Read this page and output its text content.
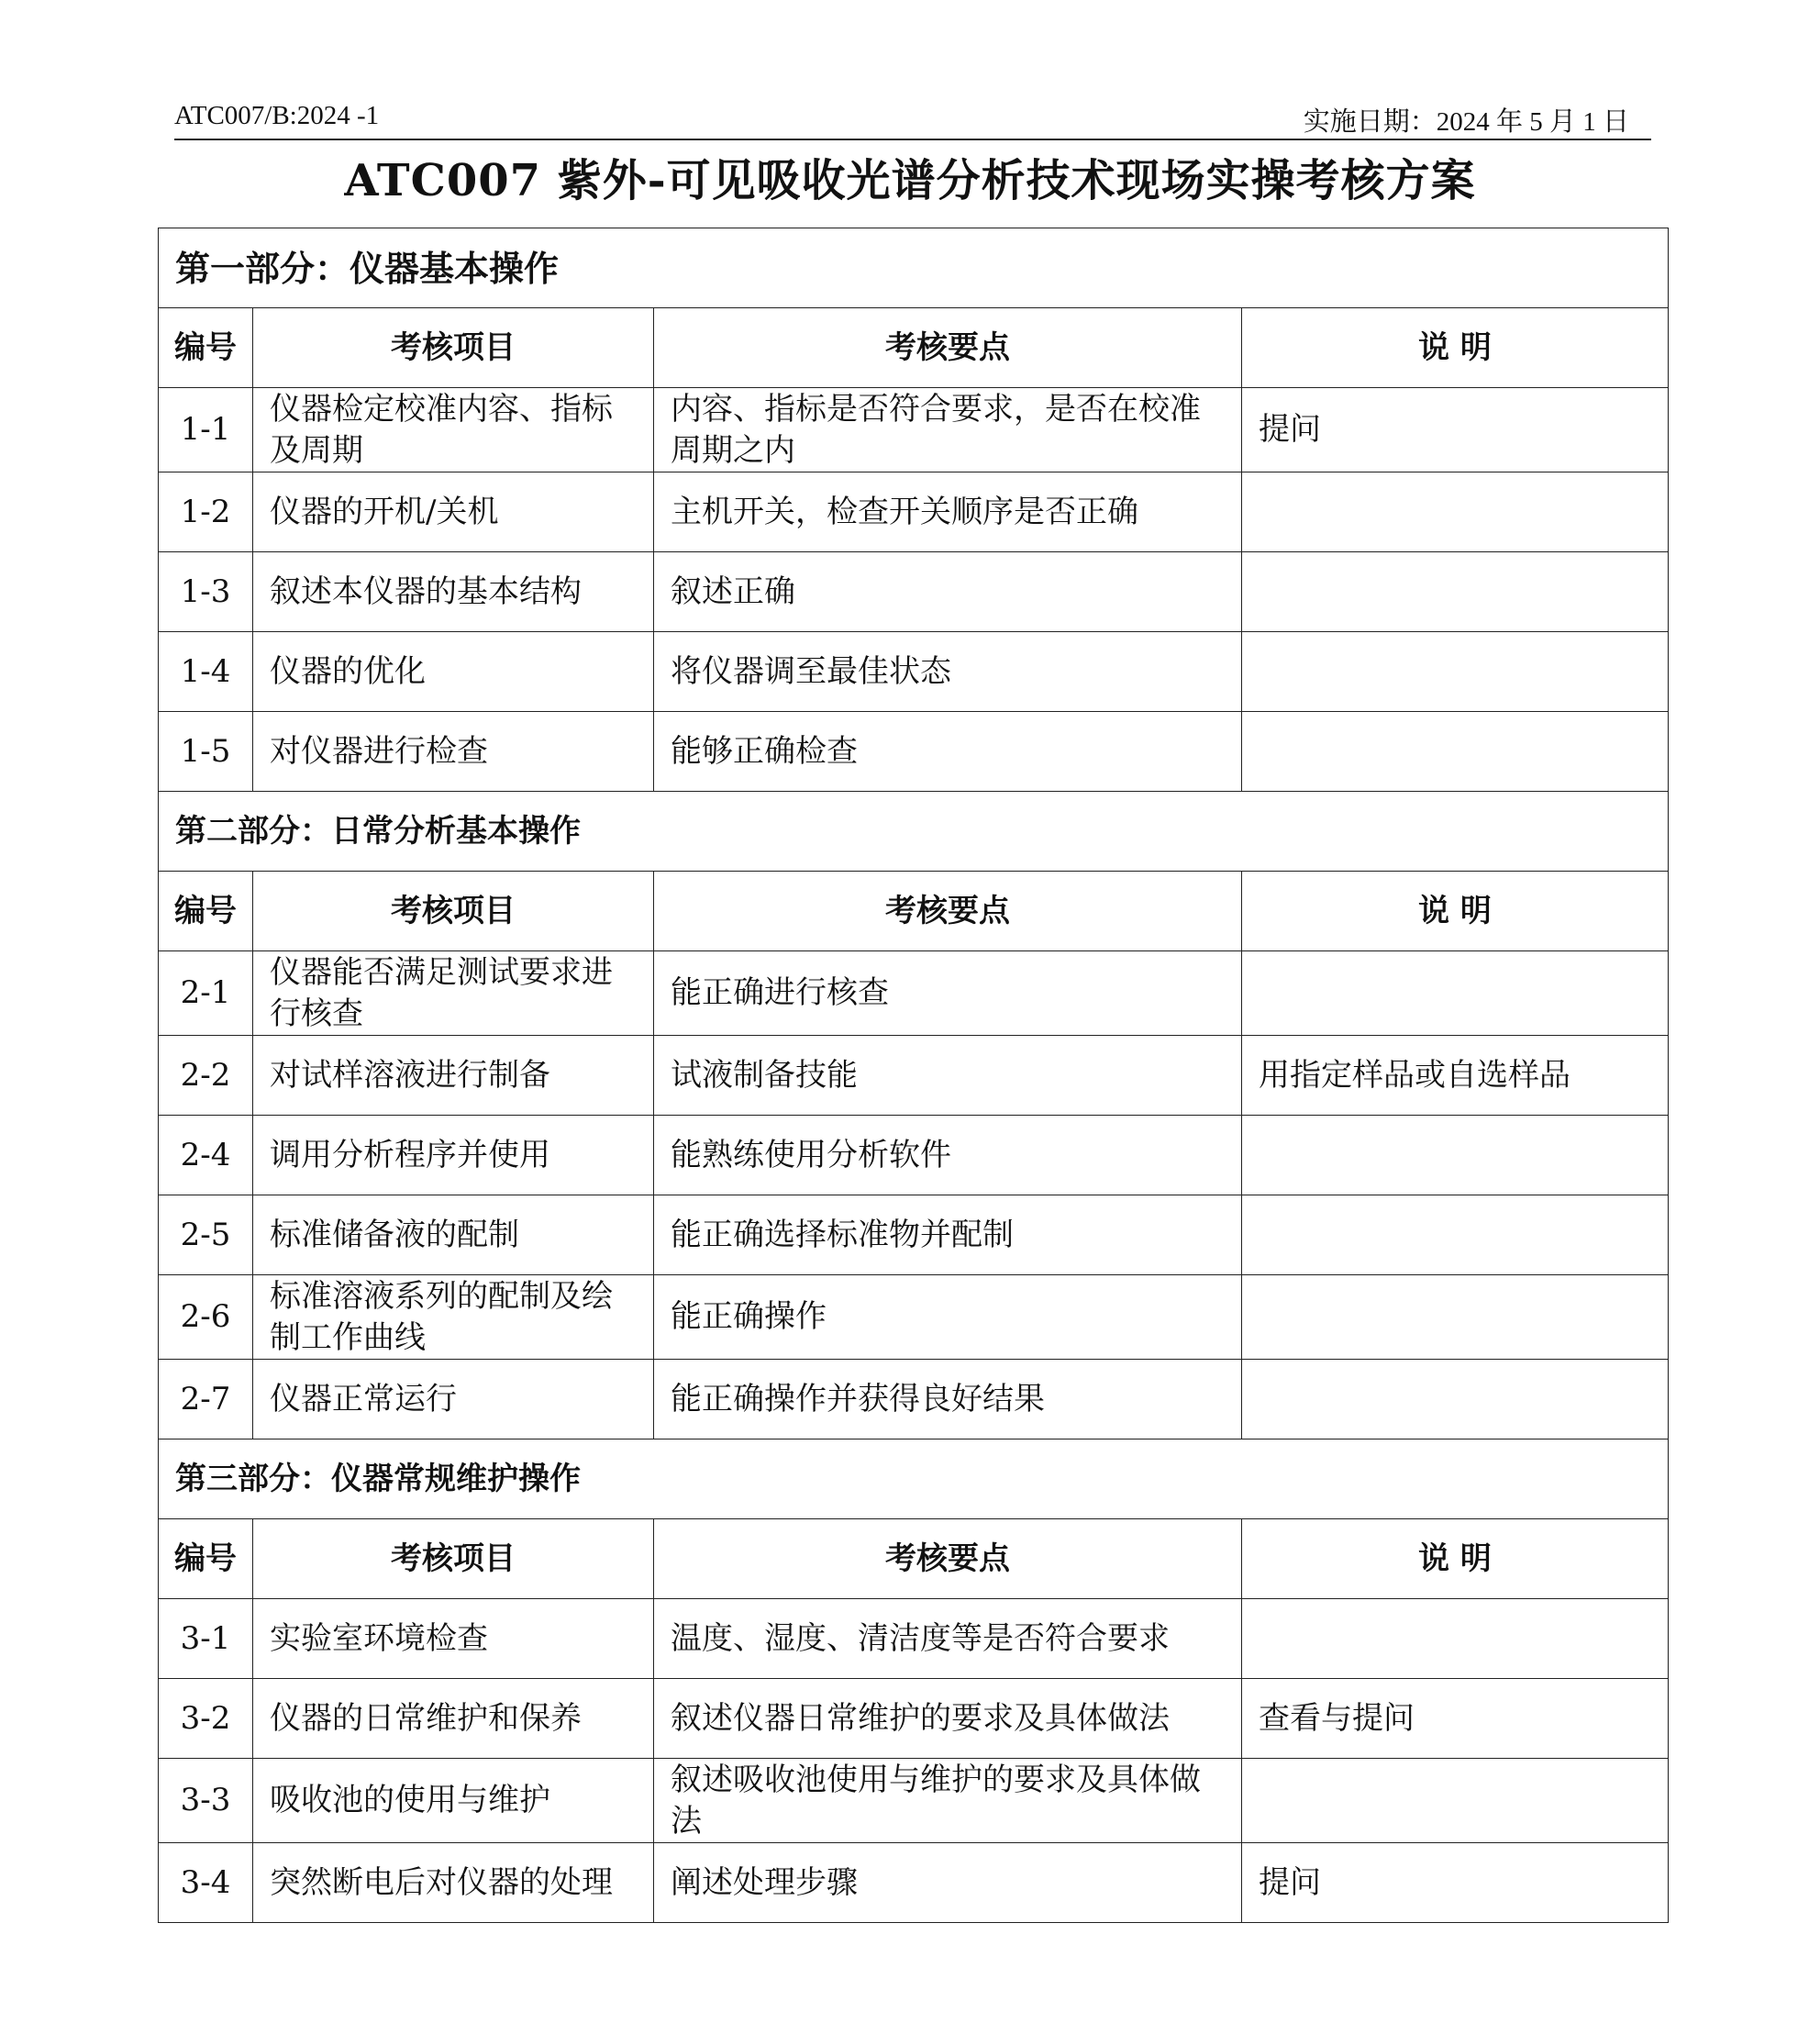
ATC007/B:2024 -1	实施日期：2024 年 5 月 1 日
ATC007 紫外-可见吸收光谱分析技术现场实操考核方案
第一部分：仪器基本操作			
编号	考核项目	考核要点	说 明
1-1	仪器检定校准内容、指标及周期	内容、指标是否符合要求，是否在校准周期之内	提问
1-2	仪器的开机/关机	主机开关，检查开关顺序是否正确	
1-3	叙述本仪器的基本结构	叙述正确	
1-4	仪器的优化	将仪器调至最佳状态	
1-5	对仪器进行检查	能够正确检查	
第二部分：日常分析基本操作			
编号	考核项目	考核要点	说 明
2-1	仪器能否满足测试要求进行核查	能正确进行核查	
2-2	对试样溶液进行制备	试液制备技能	用指定样品或自选样品
2-4	调用分析程序并使用	能熟练使用分析软件	
2-5	标准储备液的配制	能正确选择标准物并配制	
2-6	标准溶液系列的配制及绘制工作曲线	能正确操作	
2-7	仪器正常运行	能正确操作并获得良好结果	
第三部分：仪器常规维护操作			
编号	考核项目	考核要点	说 明
3-1	实验室环境检查	温度、湿度、清洁度等是否符合要求	
3-2	仪器的日常维护和保养	叙述仪器日常维护的要求及具体做法	查看与提问
3-3	吸收池的使用与维护	叙述吸收池使用与维护的要求及具体做法	
3-4	突然断电后对仪器的处理	阐述处理步骤	提问
